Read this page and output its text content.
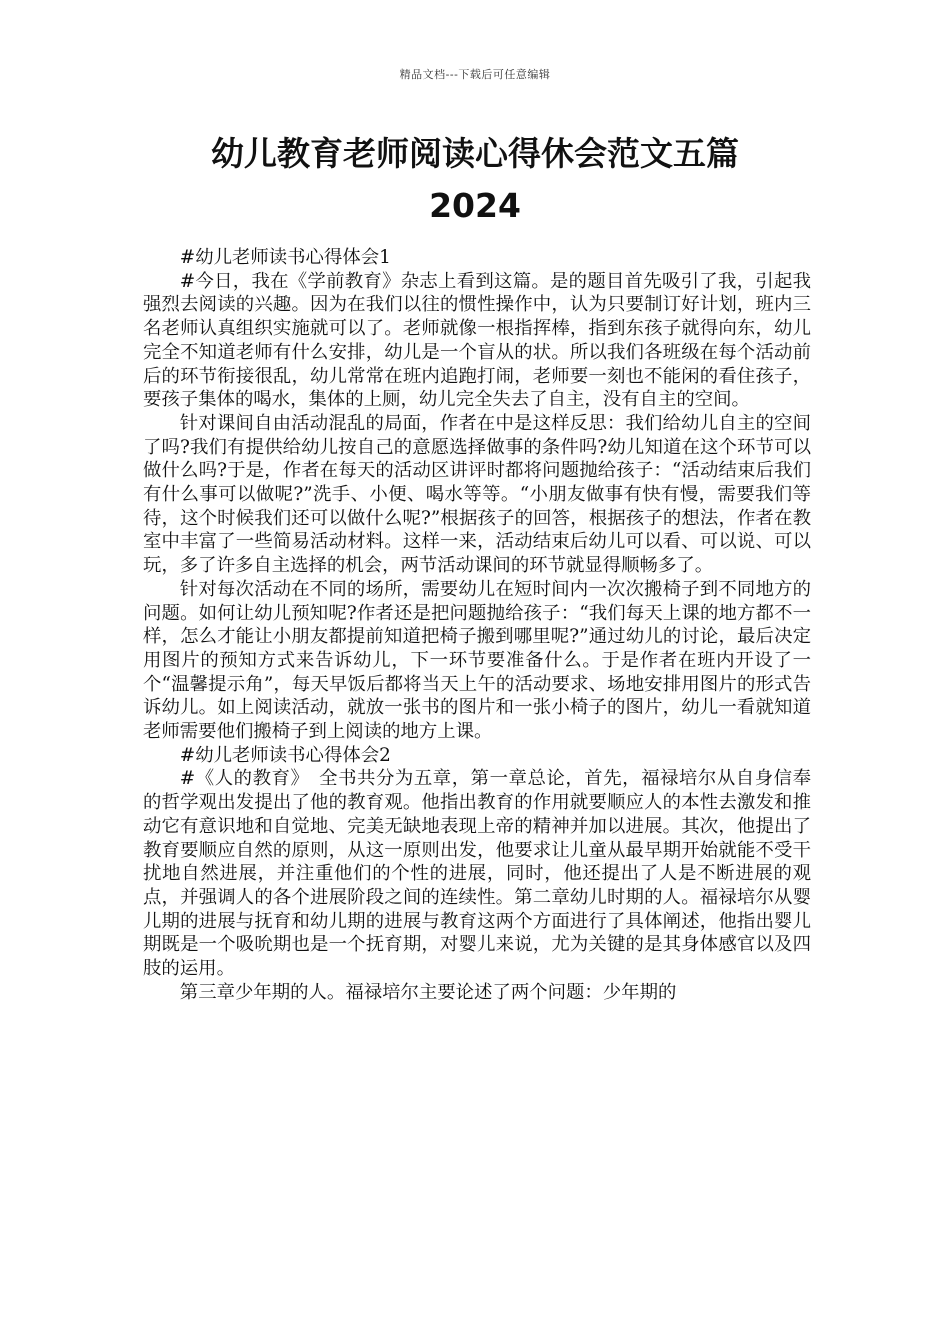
精品文档---下载后可任意编辑
幼儿教育老师阅读心得休会范文五篇
2024

#幼儿老师读书心得体会1

#今日，我在《学前教育》杂志上看到这篇。是的题目首先吸引了我，引起我强烈去阅读的兴趣。因为在我们以往的惯性操作中，认为只要制订好计划，班内三名老师认真组织实施就可以了。老师就像一根指挥棒，指到东孩子就得向东，幼儿完全不知道老师有什么安排，幼儿是一个盲从的状。所以我们各班级在每个活动前后的环节衔接很乱，幼儿常常在班内追跑打闹，老师要一刻也不能闲的看住孩子，要孩子集体的喝水，集体的上厕，幼儿完全失去了自主，没有自主的空间。

针对课间自由活动混乱的局面，作者在中是这样反思：我们给幼儿自主的空间了吗?我们有提供给幼儿按自己的意愿选择做事的条件吗?幼儿知道在这个环节可以做什么吗?于是，作者在每天的活动区讲评时都将问题抛给孩子：“活动结束后我们有什么事可以做呢?”洗手、小便、喝水等等。“小朋友做事有快有慢，需要我们等待，这个时候我们还可以做什么呢?”根据孩子的回答，根据孩子的想法，作者在教室中丰富了一些简易活动材料。这样一来，活动结束后幼儿可以看、可以说、可以玩，多了许多自主选择的机会，两节活动课间的环节就显得顺畅多了。

针对每次活动在不同的场所，需要幼儿在短时间内一次次搬椅子到不同地方的问题。如何让幼儿预知呢?作者还是把问题抛给孩子：“我们每天上课的地方都不一样，怎么才能让小朋友都提前知道把椅子搬到哪里呢?”通过幼儿的讨论，最后决定用图片的预知方式来告诉幼儿，下一环节要准备什么。于是作者在班内开设了一个“温馨提示角”，每天早饭后都将当天上午的活动要求、场地安排用图片的形式告诉幼儿。如上阅读活动，就放一张书的图片和一张小椅子的图片，幼儿一看就知道老师需要他们搬椅子到上阅读的地方上课。

#幼儿老师读书心得体会2

#《人的教育》　全书共分为五章，第一章总论，首先，福禄培尔从自身信奉的哲学观出发提出了他的教育观。他指出教育的作用就要顺应人的本性去激发和推动它有意识地和自觉地、完美无缺地表现上帝的精神并加以进展。其次，他提出了教育要顺应自然的原则，从这一原则出发，他要求让儿童从最早期开始就能不受干扰地自然进展，并注重他们的个性的进展，同时，他还提出了人是不断进展的观点，并强调人的各个进展阶段之间的连续性。第二章幼儿时期的人。福禄培尔从婴儿期的进展与抚育和幼儿期的进展与教育这两个方面进行了具体阐述，他指出婴儿期既是一个吸吮期也是一个抚育期，对婴儿来说，尤为关键的是其身体感官以及四肢的运用。

第三章少年期的人。福禄培尔主要论述了两个问题：少年期的
